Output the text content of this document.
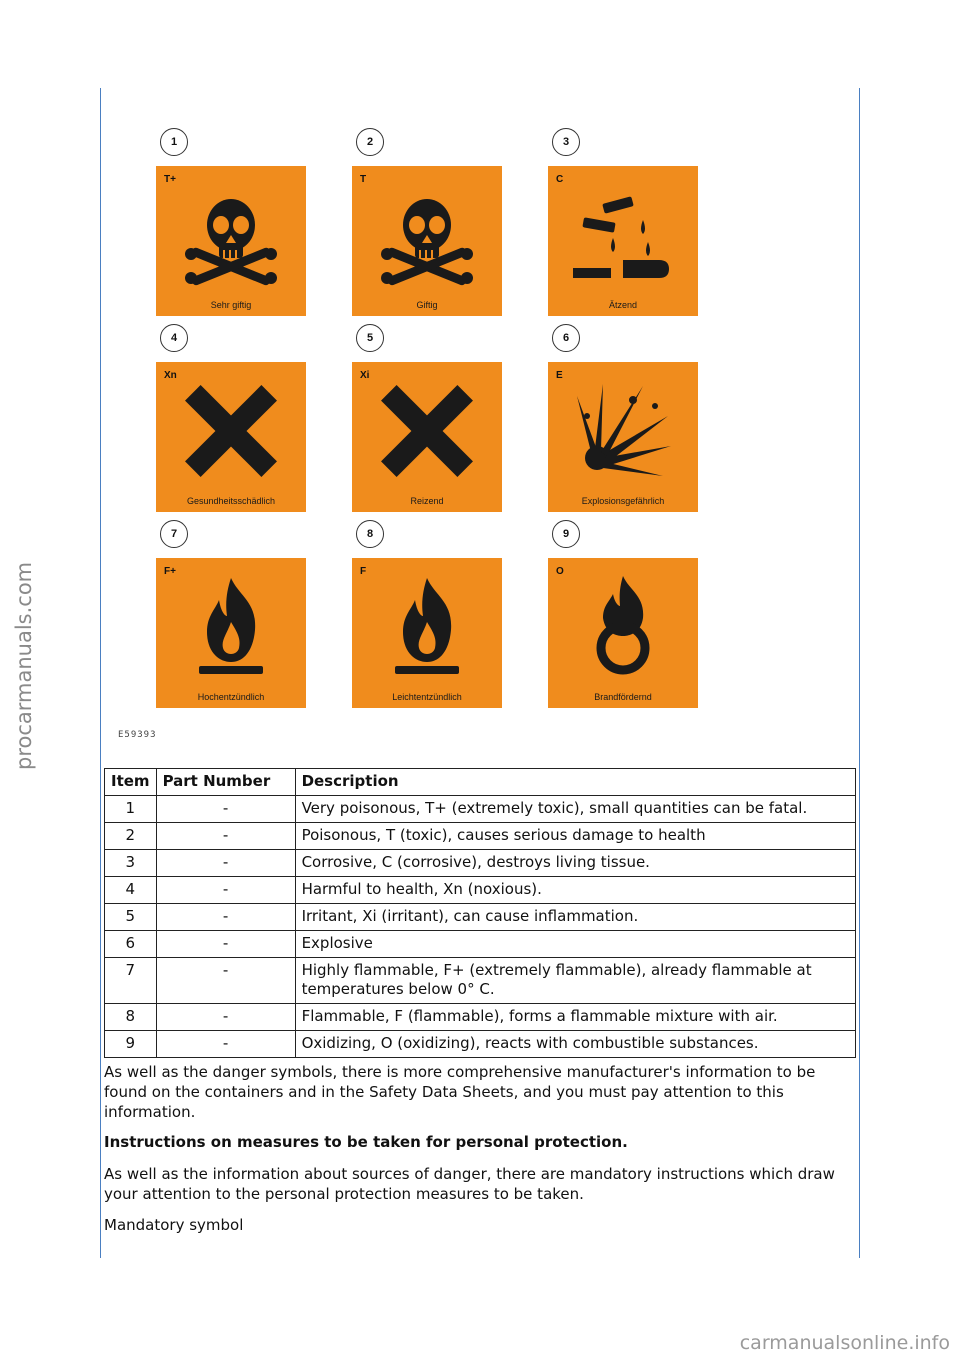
procarmanuals.com
1
T+
Sehr giftig
2
T
Giftig
3
C
Ätzend
4
Xn
Gesundheitsschädlich
5
Xi
Reizend
6
E
Explosionsgefährlich
7
F+
Hochentzündlich
8
F
Leichtentzündlich
9
O
Brandfördernd
E59393
Item	Part Number	Description
1	-	Very poisonous, T+ (extremely toxic), small quantities can be fatal.
2	-	Poisonous, T (toxic), causes serious damage to health
3	-	Corrosive, C (corrosive), destroys living tissue.
4	-	Harmful to health, Xn (noxious).
5	-	Irritant, Xi (irritant), can cause inflammation.
6	-	Explosive
7	-	Highly flammable, F+ (extremely flammable), already flammable at temperatures below 0° C.
8	-	Flammable, F (flammable), forms a flammable mixture with air.
9	-	Oxidizing, O (oxidizing), reacts with combustible substances.
As well as the danger symbols, there is more comprehensive manufacturer's information to be found on the containers and in the Safety Data Sheets, and you must pay attention to this information.
Instructions on measures to be taken for personal protection.
As well as the information about sources of danger, there are mandatory instructions which draw your attention to the personal protection measures to be taken.
Mandatory symbol
carmanualsonline.info
